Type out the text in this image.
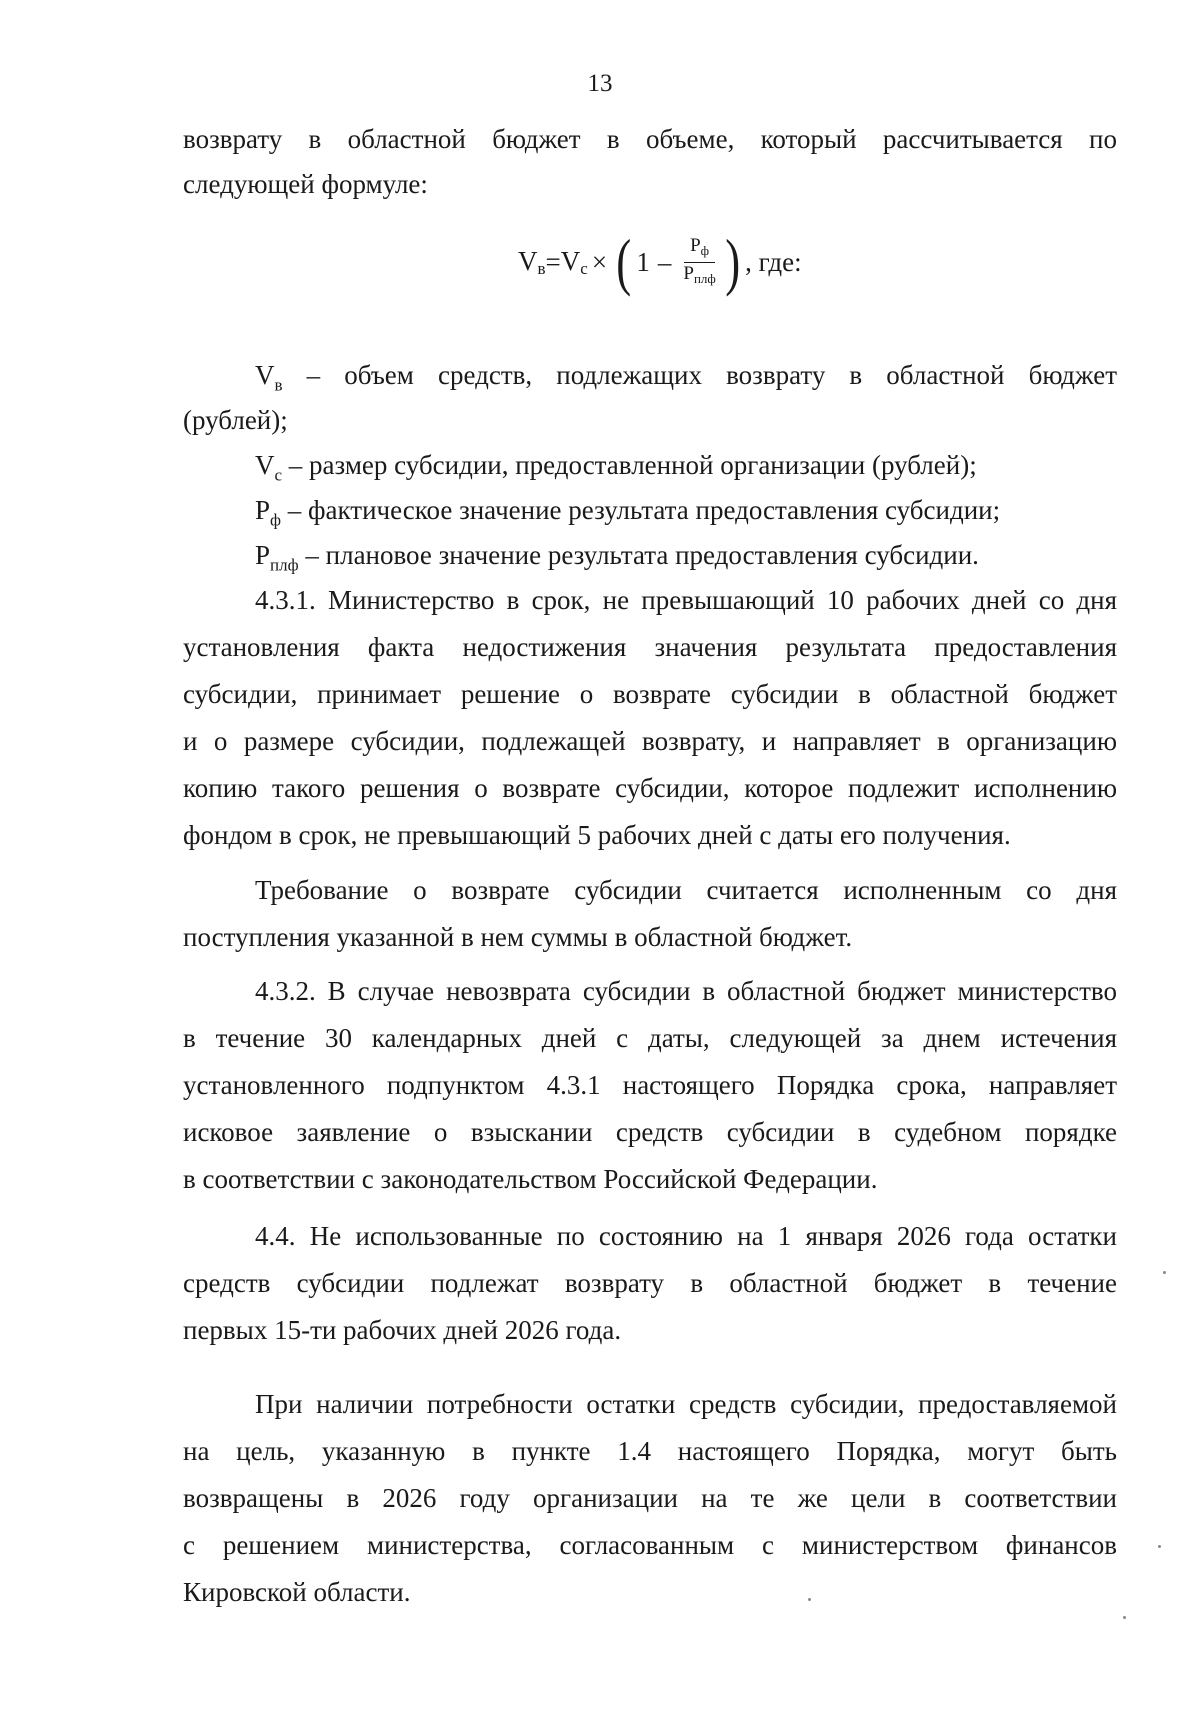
13
возврату в областной бюджет в объеме, который рассчитывается по
следующей формуле:
$V_в = V_с$ × ( $1 - \frac{Р_ф}{Р_{плф}}$ ) , где:
$V_в$ – объем средств, подлежащих возврату в областной бюджет
(рублей);
$V_с$ – размер субсидии, предоставленной организации (рублей);
$Р_ф$ – фактическое значение результата предоставления субсидии;
$Р_{плф}$ – плановое значение результата предоставления субсидии.
4.3.1. Министерство в срок, не превышающий 10 рабочих дней со дня
установления факта недостижения значения результата предоставления
субсидии, принимает решение о возврате субсидии в областной бюджет
и о размере субсидии, подлежащей возврату, и направляет в организацию
копию такого решения о возврате субсидии, которое подлежит исполнению
фондом в срок, не превышающий 5 рабочих дней с даты его получения.
Требование о возврате субсидии считается исполненным со дня
поступления указанной в нем суммы в областной бюджет.
4.3.2. В случае невозврата субсидии в областной бюджет министерство
в течение 30 календарных дней с даты, следующей за днем истечения
установленного подпунктом 4.3.1 настоящего Порядка срока, направляет
исковое заявление о взыскании средств субсидии в судебном порядке
в соответствии с законодательством Российской Федерации.
4.4. Не использованные по состоянию на 1 января 2026 года остатки
средств субсидии подлежат возврату в областной бюджет в течение
первых 15-ти рабочих дней 2026 года.
При наличии потребности остатки средств субсидии, предоставляемой
на цель, указанную в пункте 1.4 настоящего Порядка, могут быть
возвращены в 2026 году организации на те же цели в соответствии
с решением министерства, согласованным с министерством финансов
Кировской области.
